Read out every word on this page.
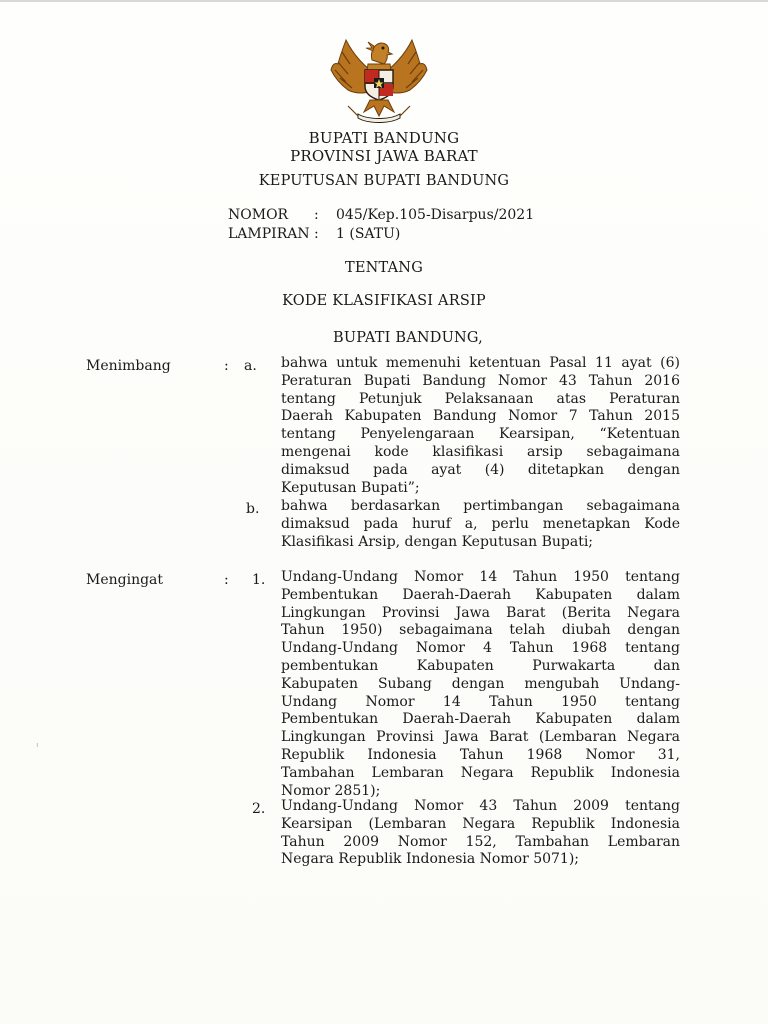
BUPATI BANDUNG
PROVINSI JAWA BARAT
KEPUTUSAN BUPATI BANDUNG
NOMOR : 045/Kep.105-Disarpus/2021
LAMPIRAN : 1 (SATU)
TENTANG
KODE KLASIFIKASI ARSIP
BUPATI BANDUNG,
Menimbang	: a. bahwa untuk memenuhi ketentuan Pasal 11 ayat (6)
Peraturan Bupati Bandung Nomor 43 Tahun 2016
tentang Petunjuk Pelaksanaan atas Peraturan
Daerah Kabupaten Bandung Nomor 7 Tahun 2015
tentang Penyelengaraan Kearsipan, “Ketentuan
mengenai kode klasifikasi arsip sebagaimana
dimaksud pada ayat (4) ditetapkan dengan
Keputusan Bupati”;
b. bahwa berdasarkan pertimbangan sebagaimana
dimaksud pada huruf a, perlu menetapkan Kode
Klasifikasi Arsip, dengan Keputusan Bupati;
Mengingat	: 1. Undang-Undang Nomor 14 Tahun 1950 tentang
Pembentukan Daerah-Daerah Kabupaten dalam
Lingkungan Provinsi Jawa Barat (Berita Negara
Tahun 1950) sebagaimana telah diubah dengan
Undang-Undang Nomor 4 Tahun 1968 tentang
pembentukan Kabupaten Purwakarta dan
Kabupaten Subang dengan mengubah Undang-
Undang Nomor 14 Tahun 1950 tentang
Pembentukan Daerah-Daerah Kabupaten dalam
Lingkungan Provinsi Jawa Barat (Lembaran Negara
Republik Indonesia Tahun 1968 Nomor 31,
Tambahan Lembaran Negara Republik Indonesia
Nomor 2851);
2. Undang-Undang Nomor 43 Tahun 2009 tentang
Kearsipan (Lembaran Negara Republik Indonesia
Tahun 2009 Nomor 152, Tambahan Lembaran
Negara Republik Indonesia Nomor 5071);
· ·
